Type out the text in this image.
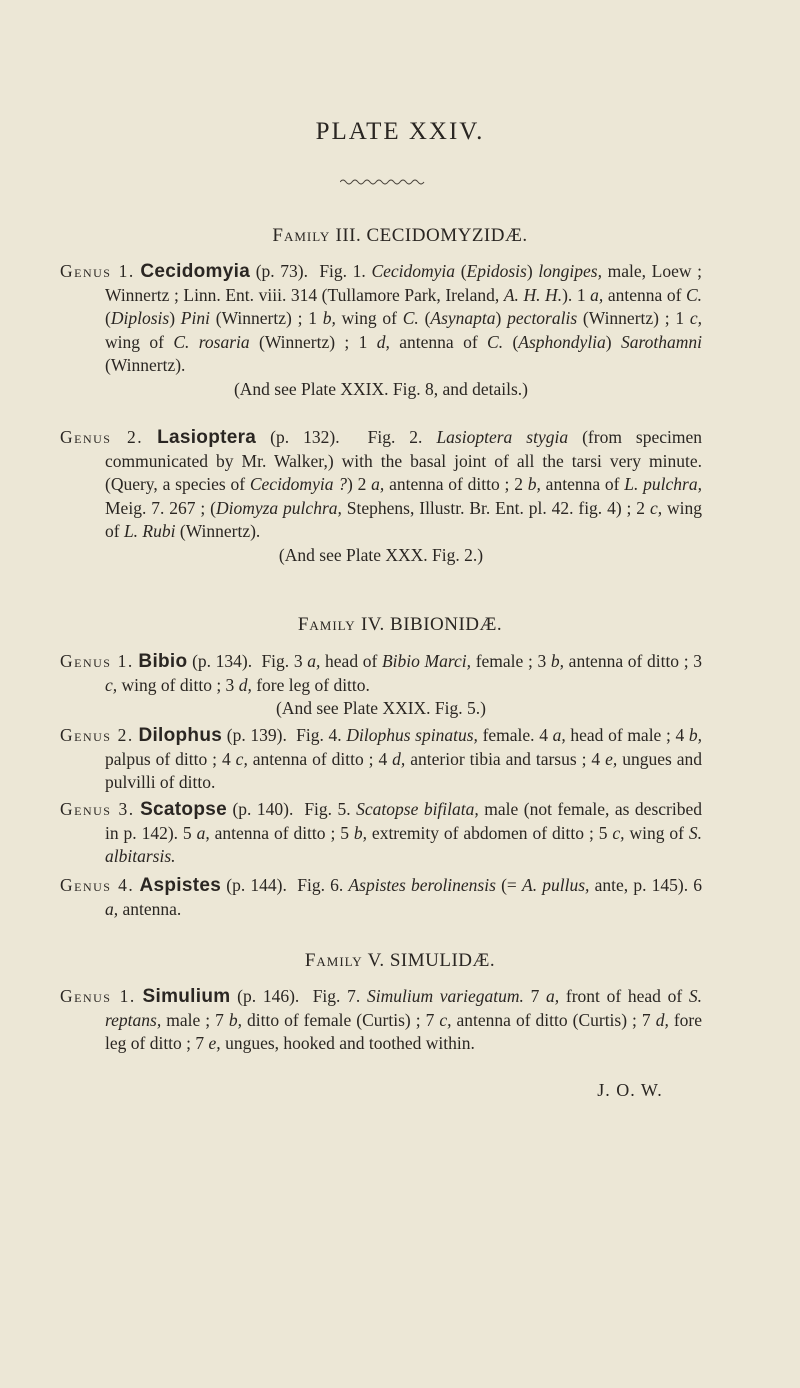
PLATE XXIV.
Family III. CECIDOMYZIDÆ.

Genus 1. Cecidomyia (p. 73). Fig. 1. Cecidomyia (Epidosis) longipes, male, Loew ; Winnertz ; Linn. Ent. viii. 314 (Tullamore Park, Ireland, A. H. H.). 1 a, antenna of C. (Diplosis) Pini (Winnertz) ; 1 b, wing of C. (Asynapta) pectoralis (Winnertz) ; 1 c, wing of C. rosaria (Winnertz) ; 1 d, antenna of C. (Asphondylia) Sarothamni (Winnertz).

(And see Plate XXIX. Fig. 8, and details.)

Genus 2. Lasioptera (p. 132). Fig. 2. Lasioptera stygia (from specimen communicated by Mr. Walker,) with the basal joint of all the tarsi very minute. (Query, a species of Cecidomyia ?) 2 a, antenna of ditto ; 2 b, antenna of L. pulchra, Meig. 7. 267 ; (Diomyza pulchra, Stephens, Illustr. Br. Ent. pl. 42. fig. 4) ; 2 c, wing of L. Rubi (Winnertz).

(And see Plate XXX. Fig. 2.)

Family IV. BIBIONIDÆ.

Genus 1. Bibio (p. 134). Fig. 3 a, head of Bibio Marci, female ; 3 b, antenna of ditto ; 3 c, wing of ditto ; 3 d, fore leg of ditto.

(And see Plate XXIX. Fig. 5.)

Genus 2. Dilophus (p. 139). Fig. 4. Dilophus spinatus, female. 4 a, head of male ; 4 b, palpus of ditto ; 4 c, antenna of ditto ; 4 d, anterior tibia and tarsus ; 4 e, ungues and pulvilli of ditto.

Genus 3. Scatopse (p. 140). Fig. 5. Scatopse bifilata, male (not female, as described in p. 142). 5 a, antenna of ditto ; 5 b, extremity of abdomen of ditto ; 5 c, wing of S. albitarsis.

Genus 4. Aspistes (p. 144). Fig. 6. Aspistes berolinensis (= A. pullus, ante, p. 145). 6 a, antenna.

Family V. SIMULIDÆ.

Genus 1. Simulium (p. 146). Fig. 7. Simulium variegatum. 7 a, front of head of S. reptans, male ; 7 b, ditto of female (Curtis) ; 7 c, antenna of ditto (Curtis) ; 7 d, fore leg of ditto ; 7 e, ungues, hooked and toothed within.

J. O. W.
